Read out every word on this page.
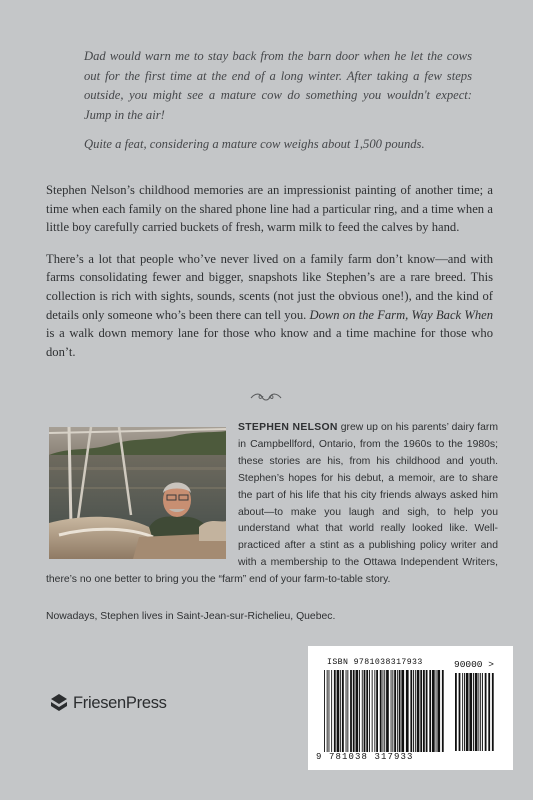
Dad would warn me to stay back from the barn door when he let the cows out for the first time at the end of a long winter. After taking a few steps outside, you might see a mature cow do something you wouldn't expect: Jump in the air!

Quite a feat, considering a mature cow weighs about 1,500 pounds.

Stephen Nelson’s childhood memories are an impressionist painting of another time; a time when each family on the shared phone line had a particular ring, and a time when a little boy carefully carried buckets of fresh, warm milk to feed the calves by hand.

There’s a lot that people who’ve never lived on a family farm don’t know—and with farms consolidating fewer and bigger, snapshots like Stephen’s are a rare breed. This collection is rich with sights, sounds, scents (not just the obvious one!), and the kind of details only someone who’s been there can tell you. Down on the Farm, Way Back When is a walk down memory lane for those who know and a time machine for those who don’t.

STEPHEN NELSON grew up on his parents’ dairy farm in Campbellford, Ontario, from the 1960s to the 1980s; these stories are his, from his childhood and youth. Stephen’s hopes for his debut, a memoir, are to share the part of his life that his city friends always asked him about—to make you laugh and sigh, to help you understand what that world really looked like. Well-practiced after a stint as a publishing policy writer and with a membership to the Ottawa Independent Writers, there’s no one better to bring you the “farm” end of your farm-to-table story.
Nowadays, Stephen lives in Saint-Jean-sur-Richelieu, Quebec.
FriesenPress
ISBN 9781038317933	90000 >
9 781038 317933
